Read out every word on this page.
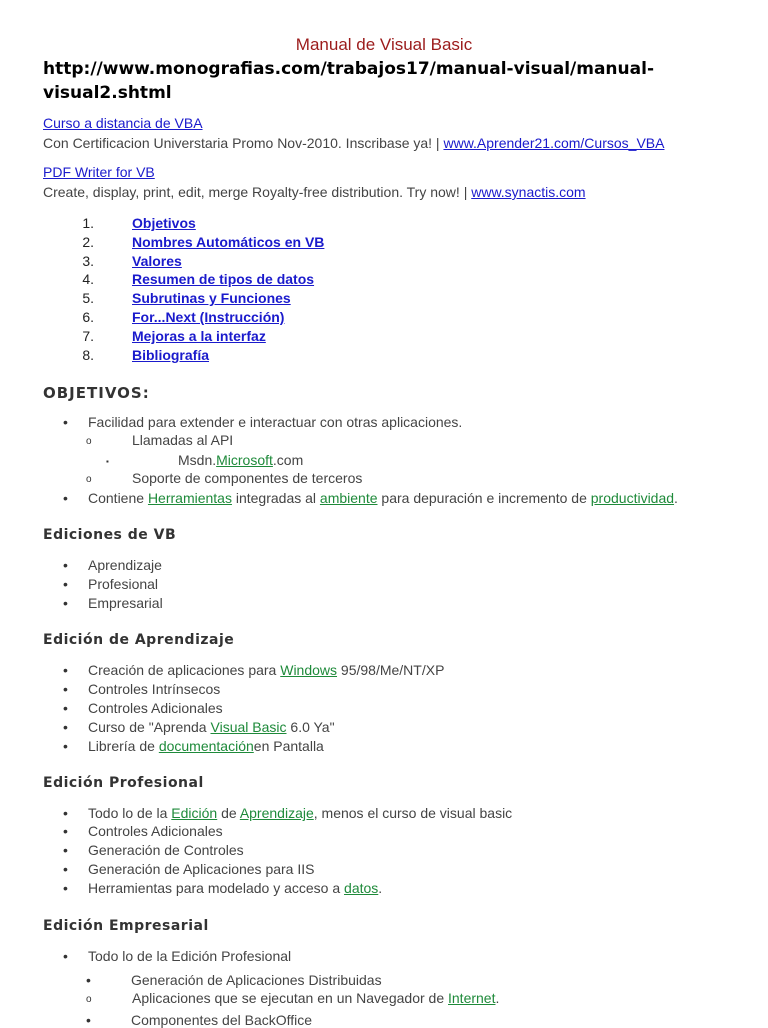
Manual de Visual Basic
http://www.monografias.com/trabajos17/manual-visual/manual-
visual2.shtml
Curso a distancia de VBA
Con Certificacion Universtaria Promo Nov-2010. Inscribase ya! | www.Aprender21.com/Cursos_VBA
PDF Writer for VB
Create, display, print, edit, merge Royalty-free distribution. Try now! | www.synactis.com
1.	Objetivos
2.	Nombres Automáticos en VB
3.	Valores
4.	Resumen de tipos de datos
5.	Subrutinas y Funciones
6.	For...Next (Instrucción)
7.	Mejoras a la interfaz
8.	Bibliografía
OBJETIVOS:
• Facilidad para extender e interactuar con otras aplicaciones.
o	Llamadas al API
▪	Msdn.Microsoft.com
o	Soporte de componentes de terceros
• Contiene Herramientas integradas al ambiente para depuración e incremento de productividad.
Ediciones de VB
• Aprendizaje
• Profesional
• Empresarial
Edición de Aprendizaje
• Creación de aplicaciones para Windows 95/98/Me/NT/XP
• Controles Intrínsecos
• Controles Adicionales
• Curso de "Aprenda Visual Basic 6.0 Ya"
• Librería de documentaciónen Pantalla
Edición Profesional
• Todo lo de la Edición de Aprendizaje, menos el curso de visual basic
• Controles Adicionales
• Generación de Controles
• Generación de Aplicaciones para IIS
• Herramientas para modelado y acceso a datos.
Edición Empresarial
• Todo lo de la Edición Profesional
•	Generación de Aplicaciones Distribuidas
o	Aplicaciones que se ejecutan en un Navegador de Internet.
•	Componentes del BackOffice
